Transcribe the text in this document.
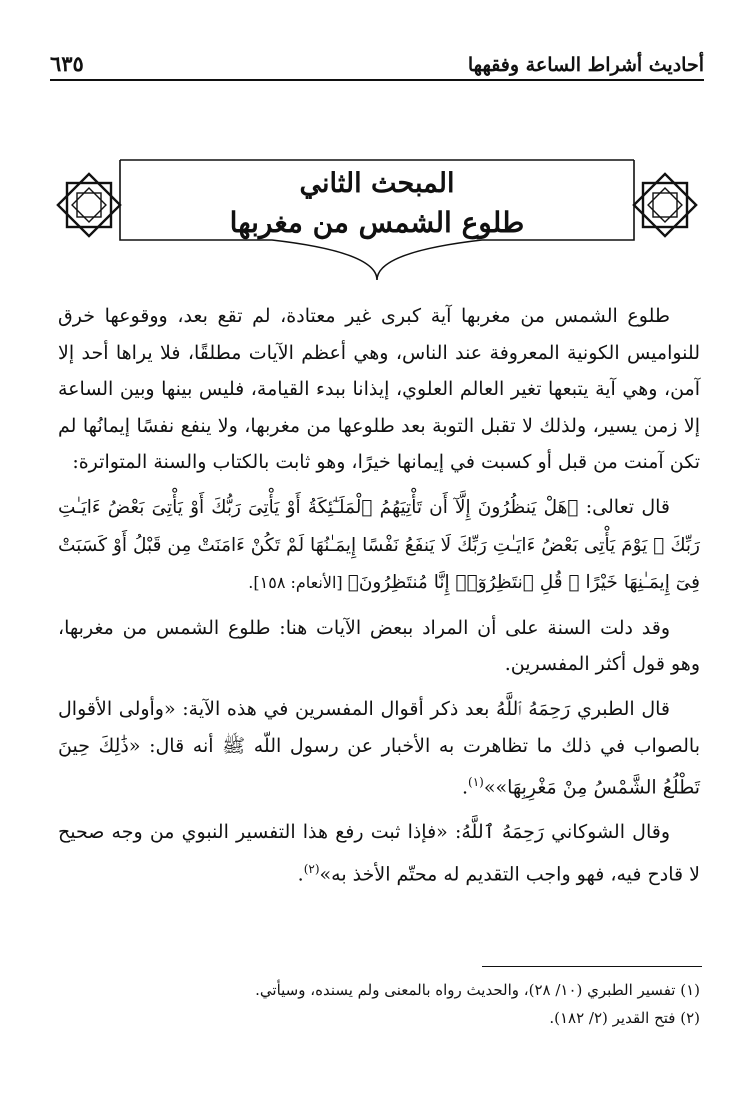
أحاديث أشراط الساعة وفقهها
٦٣٥
المبحث الثاني
طلوع الشمس من مغربها

طلوع الشمس من مغربها آية كبرى غير معتادة، لم تقع بعد، ووقوعها خرق للنواميس الكونية المعروفة عند الناس، وهي أعظم الآيات مطلقًا، فلا يراها أحد إلا آمن، وهي آية يتبعها تغير العالم العلوي، إيذانا ببدء القيامة، فليس بينها وبين الساعة إلا زمن يسير، ولذلك لا تقبل التوبة بعد طلوعها من مغربها، ولا ينفع نفسًا إيمانُها لم تكن آمنت من قبل أو كسبت في إيمانها خيرًا، وهو ثابت بالكتاب والسنة المتواترة:

قال تعالى: ﴿هَلْ يَنظُرُونَ إِلَّآ أَن تَأْتِيَهُمُ ٱلْمَلَـٰٓئِكَةُ أَوْ يَأْتِىَ رَبُّكَ أَوْ يَأْتِىَ بَعْضُ ءَايَـٰتِ رَبِّكَ ۗ يَوْمَ يَأْتِى بَعْضُ ءَايَـٰتِ رَبِّكَ لَا يَنفَعُ نَفْسًا إِيمَـٰنُهَا لَمْ تَكُنْ ءَامَنَتْ مِن قَبْلُ أَوْ كَسَبَتْ فِىٓ إِيمَـٰنِهَا خَيْرًا ۗ قُلِ ٱنتَظِرُوٓا۟ إِنَّا مُنتَظِرُونَ﴾ [الأنعام: ١٥٨].

وقد دلت السنة على أن المراد ببعض الآيات هنا: طلوع الشمس من مغربها، وهو قول أكثر المفسرين.

قال الطبري رَحِمَهُ ٱللَّهُ بعد ذكر أقوال المفسرين في هذه الآية: «وأولى الأقوال بالصواب في ذلك ما تظاهرت به الأخبار عن رسول اللّه ﷺ أنه قال: «ذَٰلِكَ حِينَ تَطْلُعُ الشَّمْسُ مِنْ مَغْرِبِهَا»»$^{(١)}$.

وقال الشوكاني رَحِمَهُ ٱللَّهُ: «فإذا ثبت رفع هذا التفسير النبوي من وجه صحيح لا قادح فيه، فهو واجب التقديم له محتّم الأخذ به»$^{(٢)}$.

(١) تفسير الطبري (١٠/ ٢٨)، والحديث رواه بالمعنى ولم يسنده، وسيأتي.
(٢) فتح القدير (٢/ ١٨٢).
